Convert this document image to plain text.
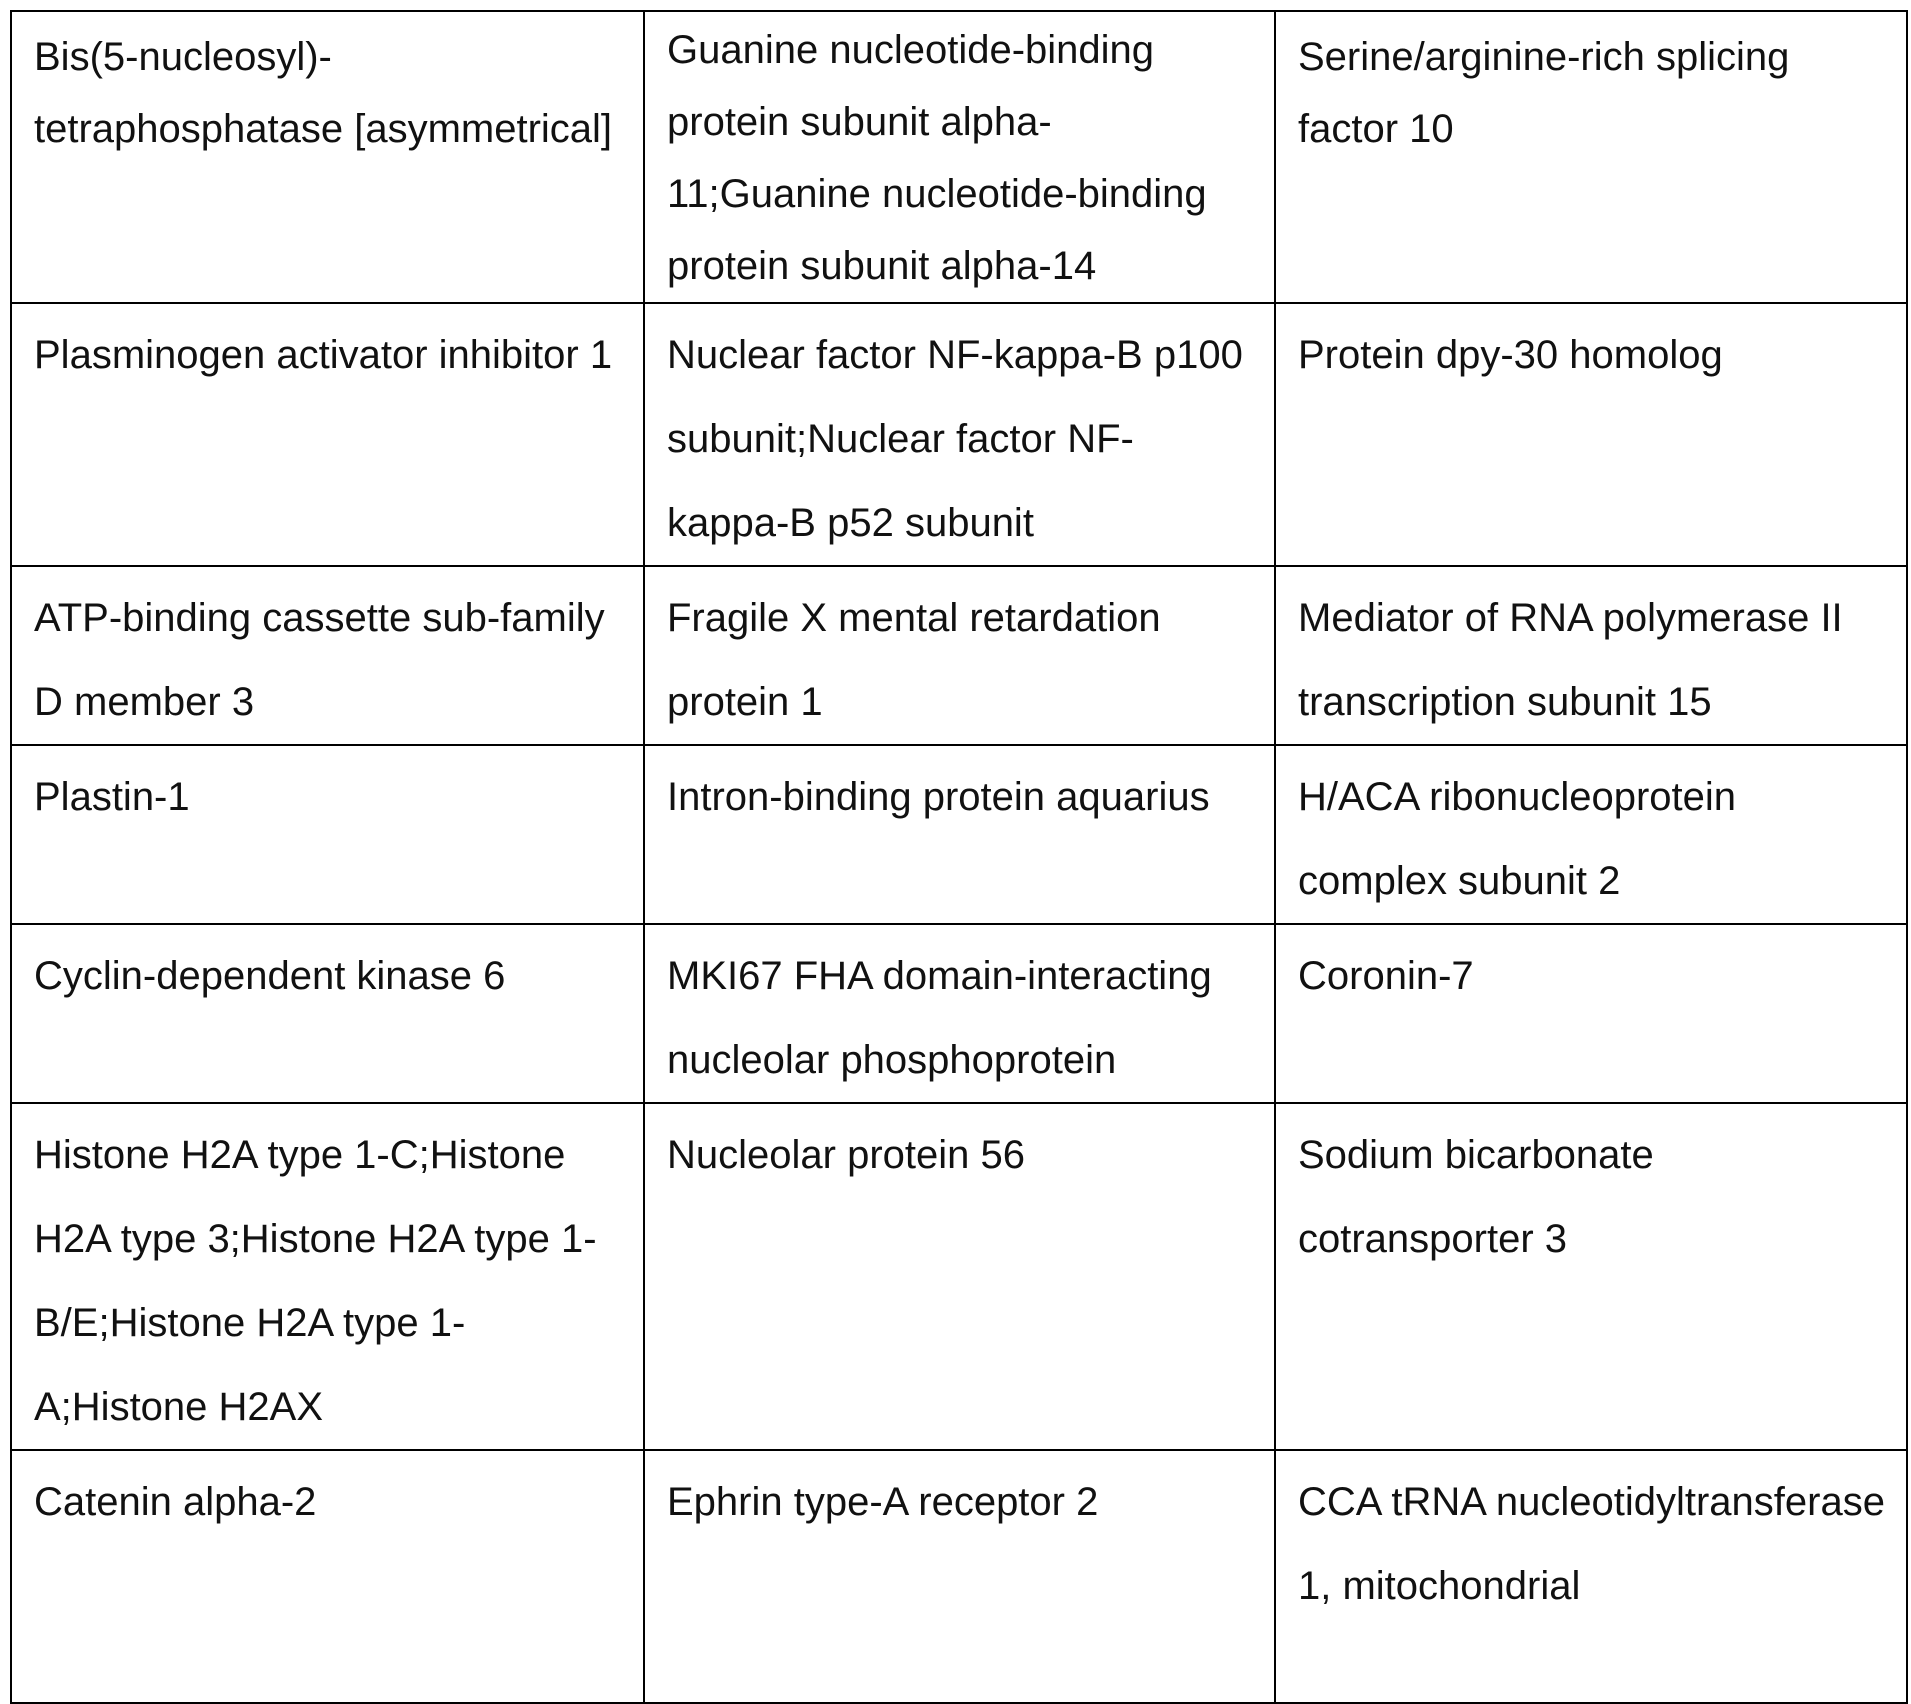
Bis(5-nucleosyl)-tetraphosphatase [asymmetrical]

Guanine nucleotide-binding protein subunit alpha-11;Guanine nucleotide-binding protein subunit alpha-14

Serine/arginine-rich splicing factor 10

Plasminogen activator inhibitor 1	Nuclear factor NF-kappa-B p100 subunit;Nuclear factor NF-kappa-B p52 subunit

Protein dpy-30 homolog

ATP-binding cassette sub-family D member 3

Fragile X mental retardation protein 1

Mediator of RNA polymerase II transcription subunit 15

Plastin-1	Intron-binding protein aquarius	H/ACA ribonucleoprotein complex subunit 2

Cyclin-dependent kinase 6	MKI67 FHA domain-interacting nucleolar phosphoprotein

Coronin-7

Histone H2A type 1-C;Histone H2A type 3;Histone H2A type 1-B/E;Histone H2A type 1-A;Histone H2AX

Nucleolar protein 56	Sodium bicarbonate cotransporter 3

Catenin alpha-2	Ephrin type-A receptor 2	CCA tRNA nucleotidyltransferase 1, mitochondrial
